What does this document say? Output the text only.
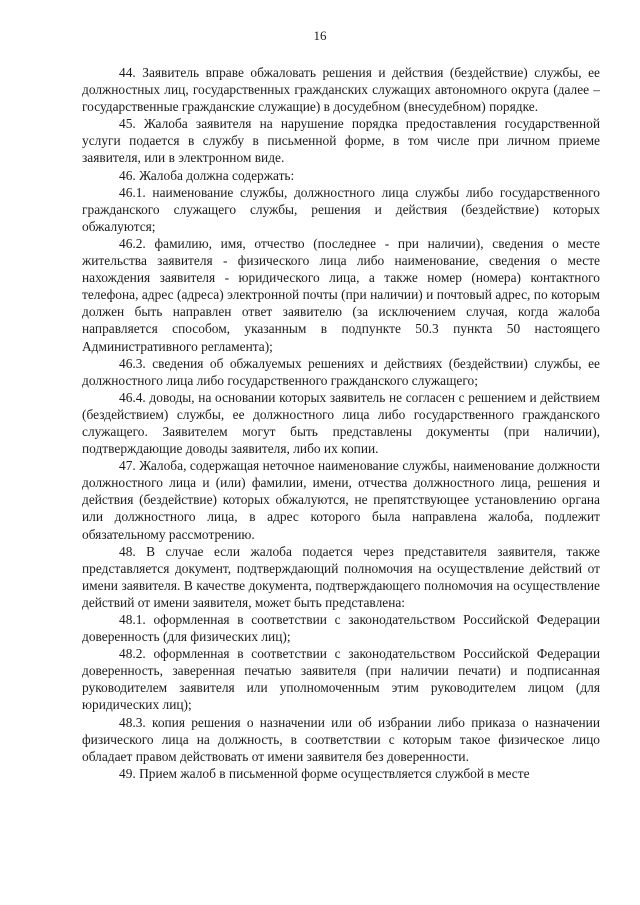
16

44. Заявитель вправе обжаловать решения и действия (бездействие) службы, ее должностных лиц, государственных гражданских служащих автономного округа (далее – государственные гражданские служащие) в досудебном (внесудебном) порядке.

45. Жалоба заявителя на нарушение порядка предоставления государственной услуги подается в службу в письменной форме, в том числе при личном приеме заявителя, или в электронном виде.

46. Жалоба должна содержать:

46.1. наименование службы, должностного лица службы либо государственного гражданского служащего службы, решения и действия (бездействие) которых обжалуются;

46.2. фамилию, имя, отчество (последнее - при наличии), сведения о месте жительства заявителя - физического лица либо наименование, сведения о месте нахождения заявителя - юридического лица, а также номер (номера) контактного телефона, адрес (адреса) электронной почты (при наличии) и почтовый адрес, по которым должен быть направлен ответ заявителю (за исключением случая, когда жалоба направляется способом, указанным в подпункте 50.3 пункта 50 настоящего Административного регламента);

46.3. сведения об обжалуемых решениях и действиях (бездействии) службы, ее должностного лица либо государственного гражданского служащего;

46.4. доводы, на основании которых заявитель не согласен с решением и действием (бездействием) службы, ее должностного лица либо государственного гражданского служащего. Заявителем могут быть представлены документы (при наличии), подтверждающие доводы заявителя, либо их копии.

47. Жалоба, содержащая неточное наименование службы, наименование должности должностного лица и (или) фамилии, имени, отчества должностного лица, решения и действия (бездействие) которых обжалуются, не препятствующее установлению органа или должностного лица, в адрес которого была направлена жалоба, подлежит обязательному рассмотрению.

48. В случае если жалоба подается через представителя заявителя, также представляется документ, подтверждающий полномочия на осуществление действий от имени заявителя. В качестве документа, подтверждающего полномочия на осуществление действий от имени заявителя, может быть представлена:

48.1. оформленная в соответствии с законодательством Российской Федерации доверенность (для физических лиц);

48.2. оформленная в соответствии с законодательством Российской Федерации доверенность, заверенная печатью заявителя (при наличии печати) и подписанная руководителем заявителя или уполномоченным этим руководителем лицом (для юридических лиц);

48.3. копия решения о назначении или об избрании либо приказа о назначении физического лица на должность, в соответствии с которым такое физическое лицо обладает правом действовать от имени заявителя без доверенности.

49. Прием жалоб в письменной форме осуществляется службой в месте
